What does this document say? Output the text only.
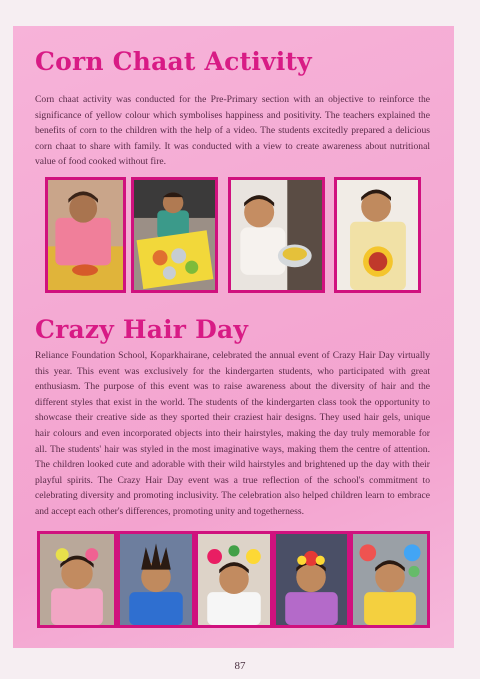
Corn Chaat Activity

Corn chaat activity was conducted for the Pre-Primary section with an objective to reinforce the significance of yellow colour which symbolises happiness and positivity. The teachers explained the benefits of corn to the children with the help of a video. The students excitedly prepared a delicious corn chaat to share with family. It was conducted with a view to create awareness about nutritional value of food cooked without fire.

Crazy Hair Day

Reliance Foundation School, Koparkhairane, celebrated the annual event of Crazy Hair Day virtually this year. This event was exclusively for the kindergarten students, who participated with great enthusiasm. The purpose of this event was to raise awareness about the diversity of hair and the different styles that exist in the world. The students of the kindergarten class took the opportunity to showcase their creative side as they sported their craziest hair designs. They used hair gels, unique hair colours and even incorporated objects into their hairstyles, making the day truly memorable for all. The students' hair was styled in the most imaginative ways, making them the centre of attention. The children looked cute and adorable with their wild hairstyles and brightened up the day with their playful spirits. The Crazy Hair Day event was a true reflection of the school's commitment to celebrating diversity and promoting inclusivity. The celebration also helped children learn to embrace and accept each other's differences, promoting unity and togetherness.

87
